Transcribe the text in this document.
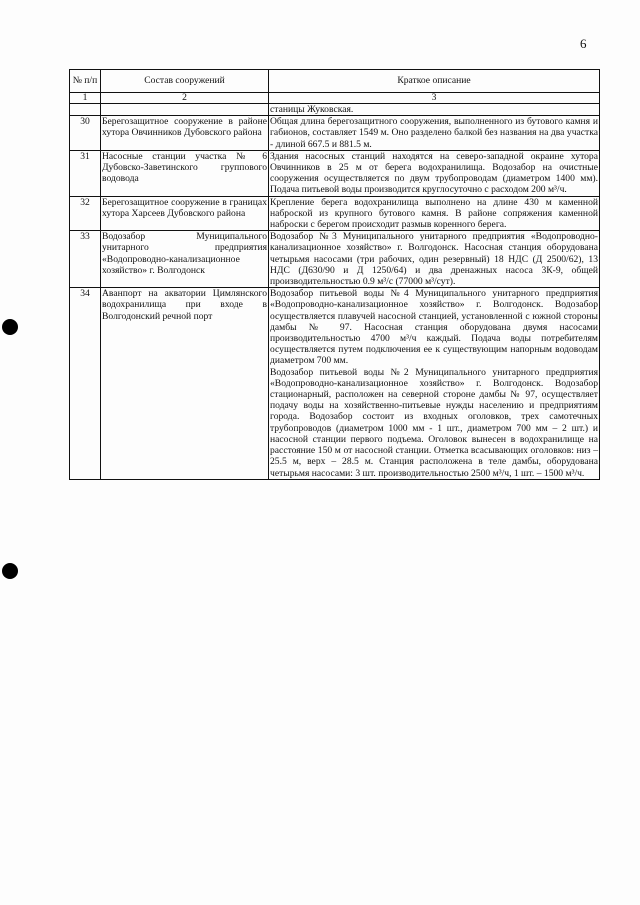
6
№ п/п	Состав сооружений	Краткое описание
1	2	3
		станицы Жуковская.
30	Берегозащитное сооружение в районе хутора Овчинников Дубовского района	Общая длина берегозащитного сооружения, выполненного из бутового камня и габионов, составляет 1549 м. Оно разделено балкой без названия на два участка - длиной 667.5 и 881.5 м.
31	Насосные станции участка № 6 Дубовско-Заветинского группового водовода	Здания насосных станций находятся на северо-западной окраине хутора Овчинников в 25 м от берега водохранилища. Водозабор на очистные сооружения осуществляется по двум трубопроводам (диаметром 1400 мм). Подача питьевой воды производится круглосуточно с расходом 200 м³/ч.
32	Берегозащитное сооружение в границах хутора Харсеев Дубовского района	Крепление берега водохранилища выполнено на длине 430 м каменной наброской из крупного бутового камня. В районе сопряжения каменной наброски с берегом происходит размыв коренного берега.
33	Водозабор Муниципального унитарного предприятия «Водопроводно-канализационное хозяйство» г. Волгодонск	Водозабор №3 Муниципального унитарного предприятия «Водопроводно-канализационное хозяйство» г. Волгодонск. Насосная станция оборудована четырьмя насосами (три рабочих, один резервный) 18 НДС (Д 2500/62), 13 НДС (Д630/90 и Д 1250/64) и два дренажных насоса 3К-9, общей производительностью 0.9 м³/с (77000 м³/сут).
34	Аванпорт на акватории Цимлянского водохранилища при входе в Волгодонский речной порт	Водозабор питьевой воды №4 Муниципального унитарного предприятия «Водопроводно-канализационное хозяйство» г. Волгодонск. Водозабор осуществляется плавучей насосной станцией, установленной с южной стороны дамбы № 97. Насосная станция оборудована двумя насосами производительностью 4700 м³/ч каждый. Подача воды потребителям осуществляется путем подключения ее к существующим напорным водоводам диаметром 700 мм.
Водозабор питьевой воды №2 Муниципального унитарного предприятия «Водопроводно-канализационное хозяйство» г. Волгодонск. Водозабор стационарный, расположен на северной стороне дамбы № 97, осуществляет подачу воды на хозяйственно-питьевые нужды населению и предприятиям города. Водозабор состоит из входных оголовков, трех самотечных трубопроводов (диаметром 1000 мм - 1 шт., диаметром 700 мм – 2 шт.) и насосной станции первого подъема. Оголовок вынесен в водохранилище на расстояние 150 м от насосной станции. Отметка всасывающих оголовков: низ – 25.5 м, верх – 28.5 м. Станция расположена в теле дамбы, оборудована четырьмя насосами: 3 шт. производительностью 2500 м³/ч, 1 шт. – 1500 м³/ч.
